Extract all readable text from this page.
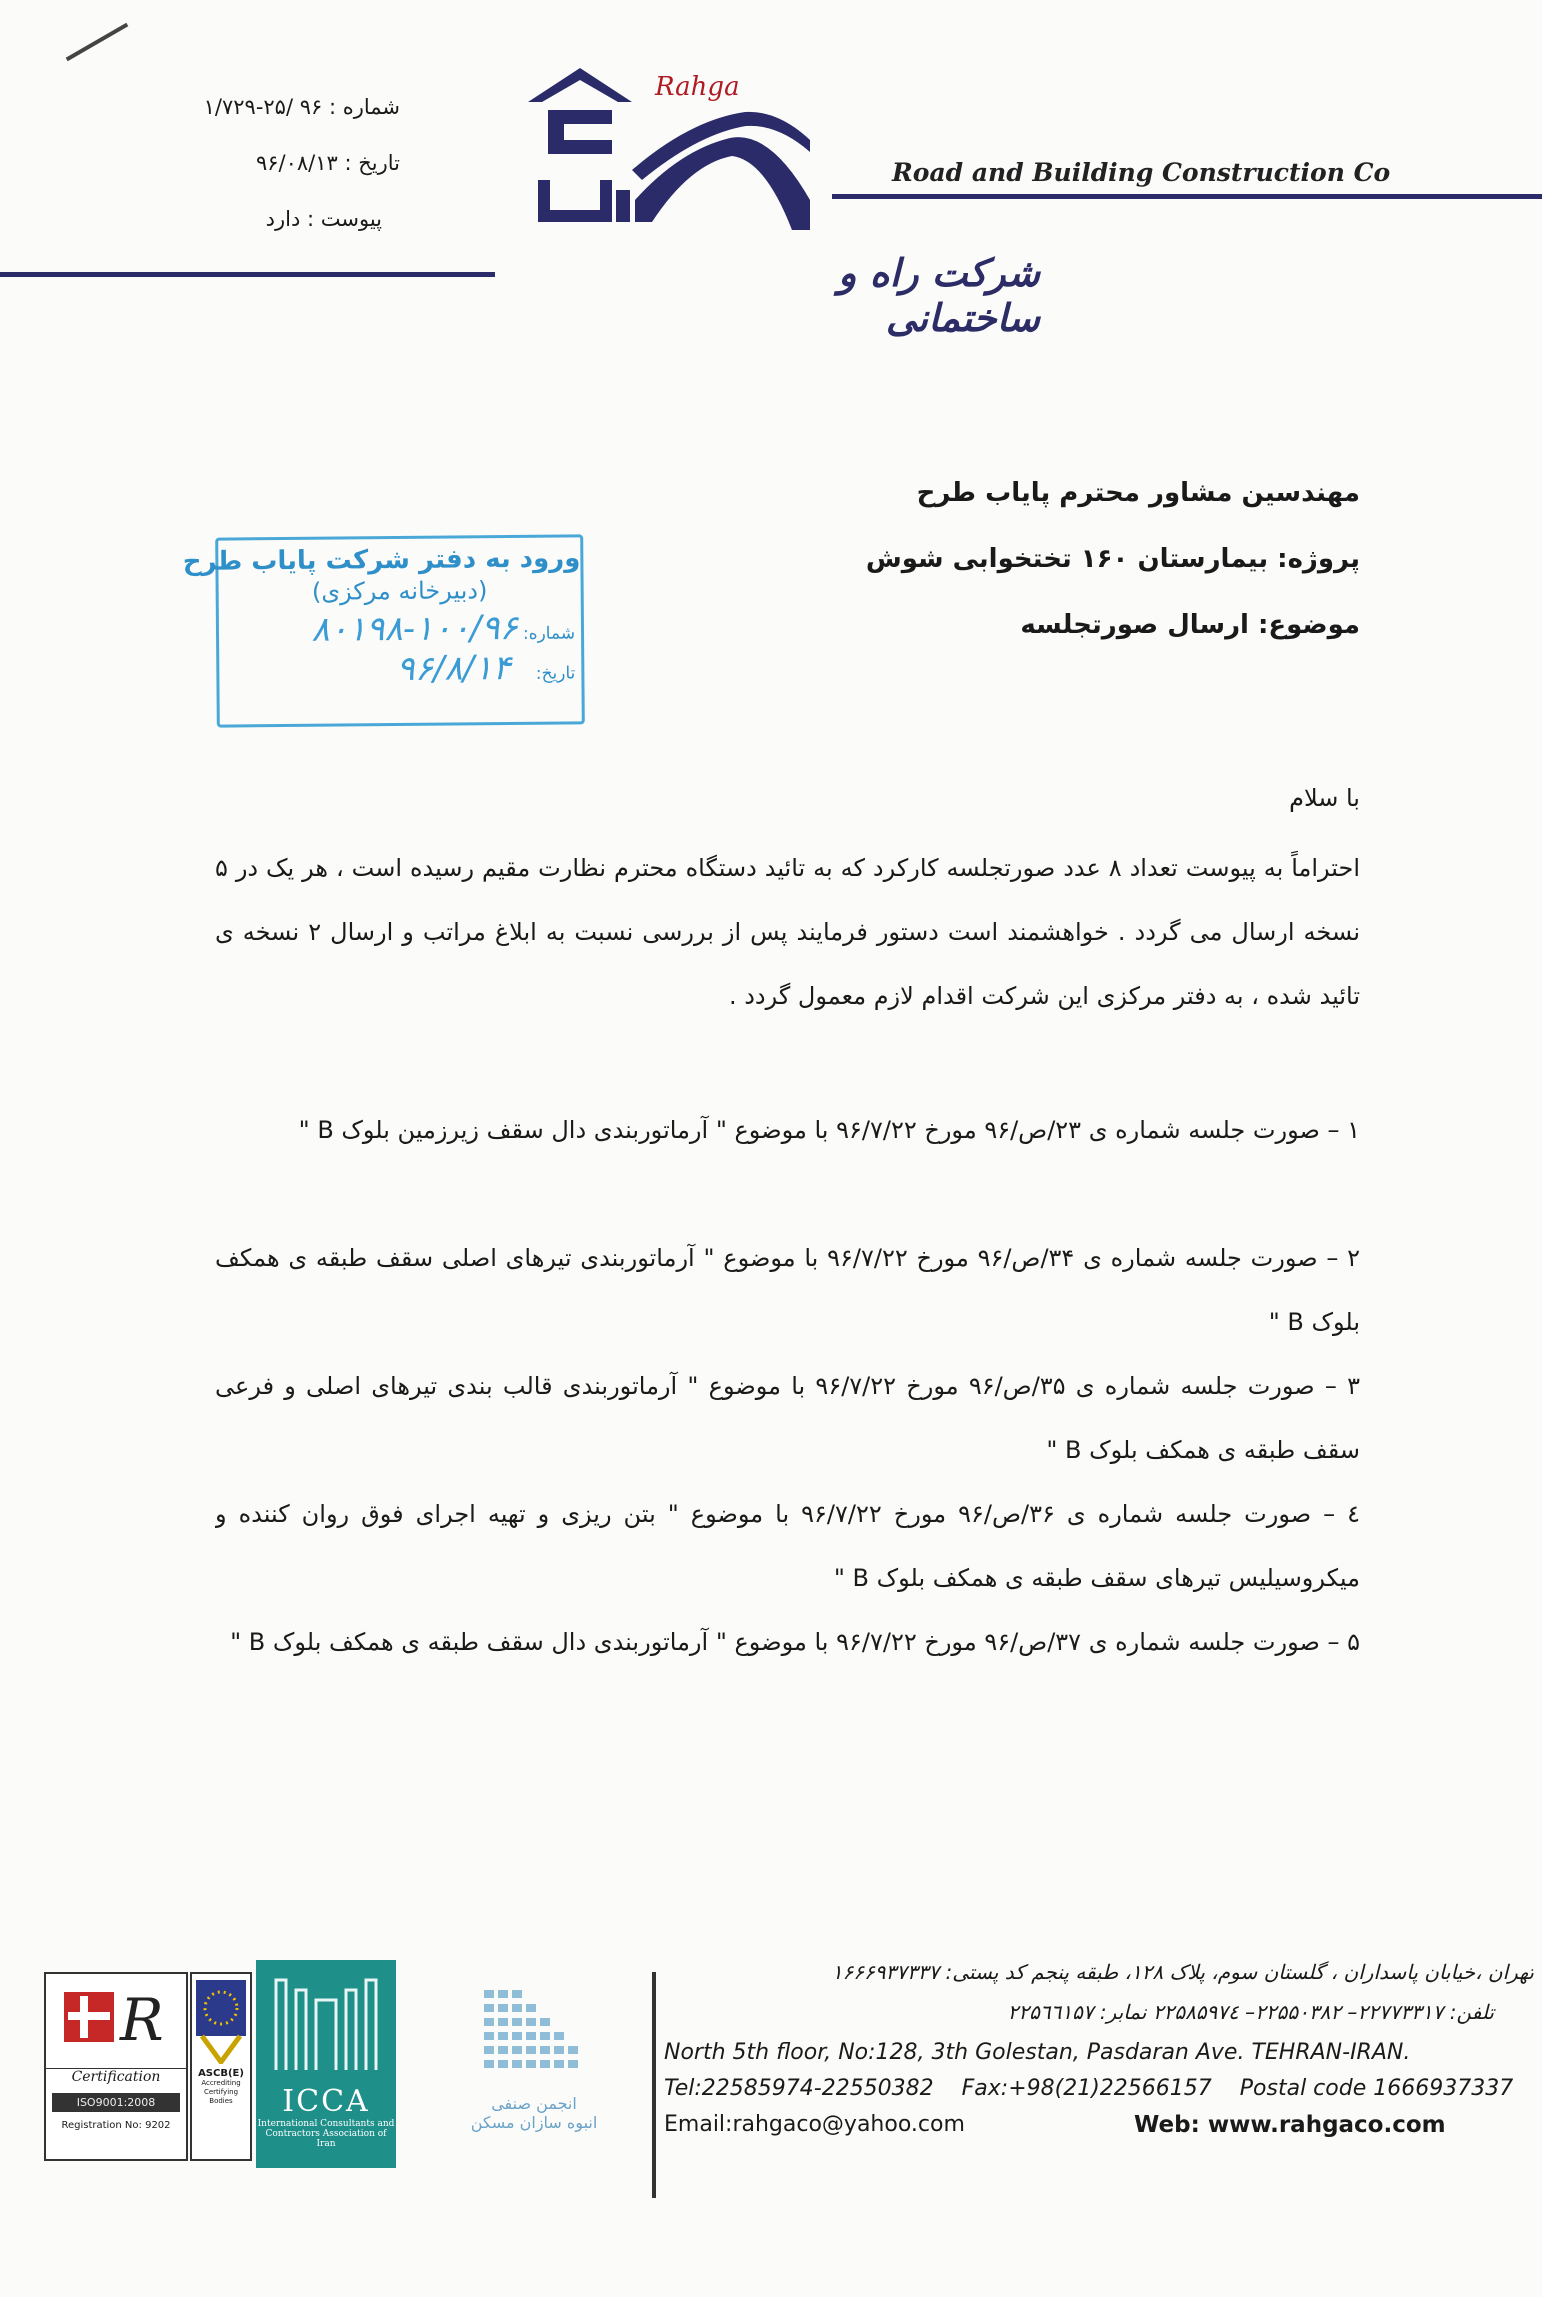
شماره : ۹۶ /۲۵-۱/۷۲۹
تاریخ : ۹۶/۰۸/۱۳
پیوست : دارد
Rahga
Road and Building Construction Co
شرکت راه و ساختمانی
مهندسین مشاور محترم پایاب طرح
پروژه: بیمارستان ۱۶۰ تختخوابی شوش
موضوع: ارسال صورتجلسه
ورود به دفتر شرکت پایاب طرح
(دبیرخانه مرکزی)
شماره: ۱۰۰/۹۶-۸۰۱۹۸
تاریخ: ۹۶/۸/۱۴
با سلام
احتراماً به پیوست تعداد ۸ عدد صورتجلسه کارکرد که به تائید دستگاه محترم نظارت مقیم رسیده است ، هر یک در ۵ نسخه ارسال می گردد . خواهشمند است دستور فرمایند پس از بررسی نسبت به ابلاغ مراتب و ارسال ۲ نسخه ی تائید شده ، به دفتر مرکزی این شرکت اقدام لازم معمول گردد .
۱ – صورت جلسه شماره ی ۲۳/ص/۹۶ مورخ ۹۶/۷/۲۲ با موضوع " آرماتوربندی دال سقف زیرزمین بلوک B "
۲ – صورت جلسه شماره ی ۳۴/ص/۹۶ مورخ ۹۶/۷/۲۲ با موضوع " آرماتوربندی تیرهای اصلی سقف طبقه ی همکف بلوک B "
۳ – صورت جلسه شماره ی ۳۵/ص/۹۶ مورخ ۹۶/۷/۲۲ با موضوع " آرماتوربندی قالب بندی تیرهای اصلی و فرعی سقف طبقه ی همکف بلوک B "
٤ – صورت جلسه شماره ی ۳۶/ص/۹۶ مورخ ۹۶/۷/۲۲ با موضوع " بتن ریزی و تهیه اجرای فوق روان کننده و میکروسیلیس تیرهای سقف طبقه ی همکف بلوک B "
۵ – صورت جلسه شماره ی ۳۷/ص/۹۶ مورخ ۹۶/۷/۲۲ با موضوع " آرماتوربندی دال سقف طبقه ی همکف بلوک B "
R
Certification
ISO9001:2008
Registration No: 9202
ASCB(E)
Accrediting Certifying Bodies	ICCA
International Consultants and
Contractors Association of Iran
انجمن صنفی
انبوه سازان مسکن
تهران ،خیابان پاسداران ، گلستان سوم، پلاک ۱۲۸، طبقه پنجم کد پستی: ۱۶۶۶۹۳۷۳۳۷
تلفن: ۲۲۷۷۳۳۱۷– ۲۲۵۵۰۳۸۲– ۲۲۵۸۵۹۷٤ نمابر: ۲۲۵٦٦۱۵۷
North 5th floor, No:128, 3th Golestan, Pasdaran Ave. TEHRAN-IRAN.
Tel:22585974-22550382 Fax:+98(21)22566157 Postal code 1666937337
Email:rahgaco@yahoo.com	Web: www.rahgaco.com
